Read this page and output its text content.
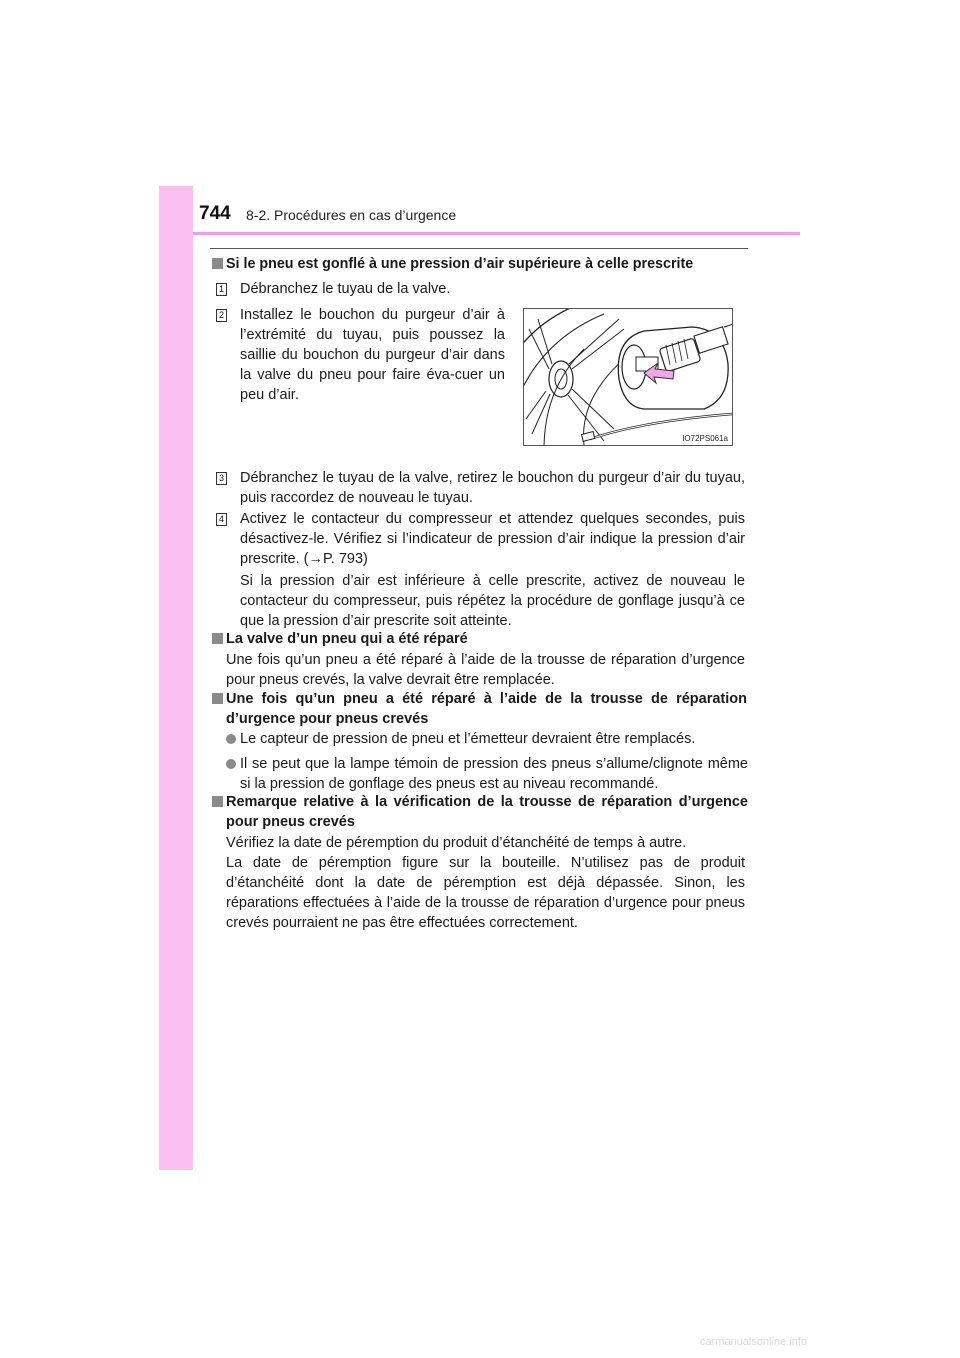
744 8-2. Procédures en cas d’urgence
Si le pneu est gonflé à une pression d’air supérieure à celle prescrite
1 Débranchez le tuyau de la valve.
2 Installez le bouchon du purgeur d’air à l’extrémité du tuyau, puis poussez la saillie du bouchon du purgeur d’air dans la valve du pneu pour faire éva-cuer un peu d’air.
IO72PS061a
3 Débranchez le tuyau de la valve, retirez le bouchon du purgeur d’air du tuyau, puis raccordez de nouveau le tuyau.
4 Activez le contacteur du compresseur et attendez quelques secondes, puis désactivez-le. Vérifiez si l’indicateur de pression d’air indique la pression d’air prescrite. (→P. 793)
Si la pression d’air est inférieure à celle prescrite, activez de nouveau le contacteur du compresseur, puis répétez la procédure de gonflage jusqu’à ce que la pression d’air prescrite soit atteinte.
La valve d’un pneu qui a été réparé
Une fois qu’un pneu a été réparé à l’aide de la trousse de réparation d’urgence pour pneus crevés, la valve devrait être remplacée.
Une fois qu’un pneu a été réparé à l’aide de la trousse de réparation d’urgence pour pneus crevés
Le capteur de pression de pneu et l’émetteur devraient être remplacés.
Il se peut que la lampe témoin de pression des pneus s’allume/clignote même si la pression de gonflage des pneus est au niveau recommandé.
Remarque relative à la vérification de la trousse de réparation d’urgence pour pneus crevés
Vérifiez la date de péremption du produit d’étanchéité de temps à autre.
La date de péremption figure sur la bouteille. N’utilisez pas de produit d’étanchéité dont la date de péremption est déjà dépassée. Sinon, les réparations effectuées à l’aide de la trousse de réparation d’urgence pour pneus crevés pourraient ne pas être effectuées correctement.
carmanualsonline.info
